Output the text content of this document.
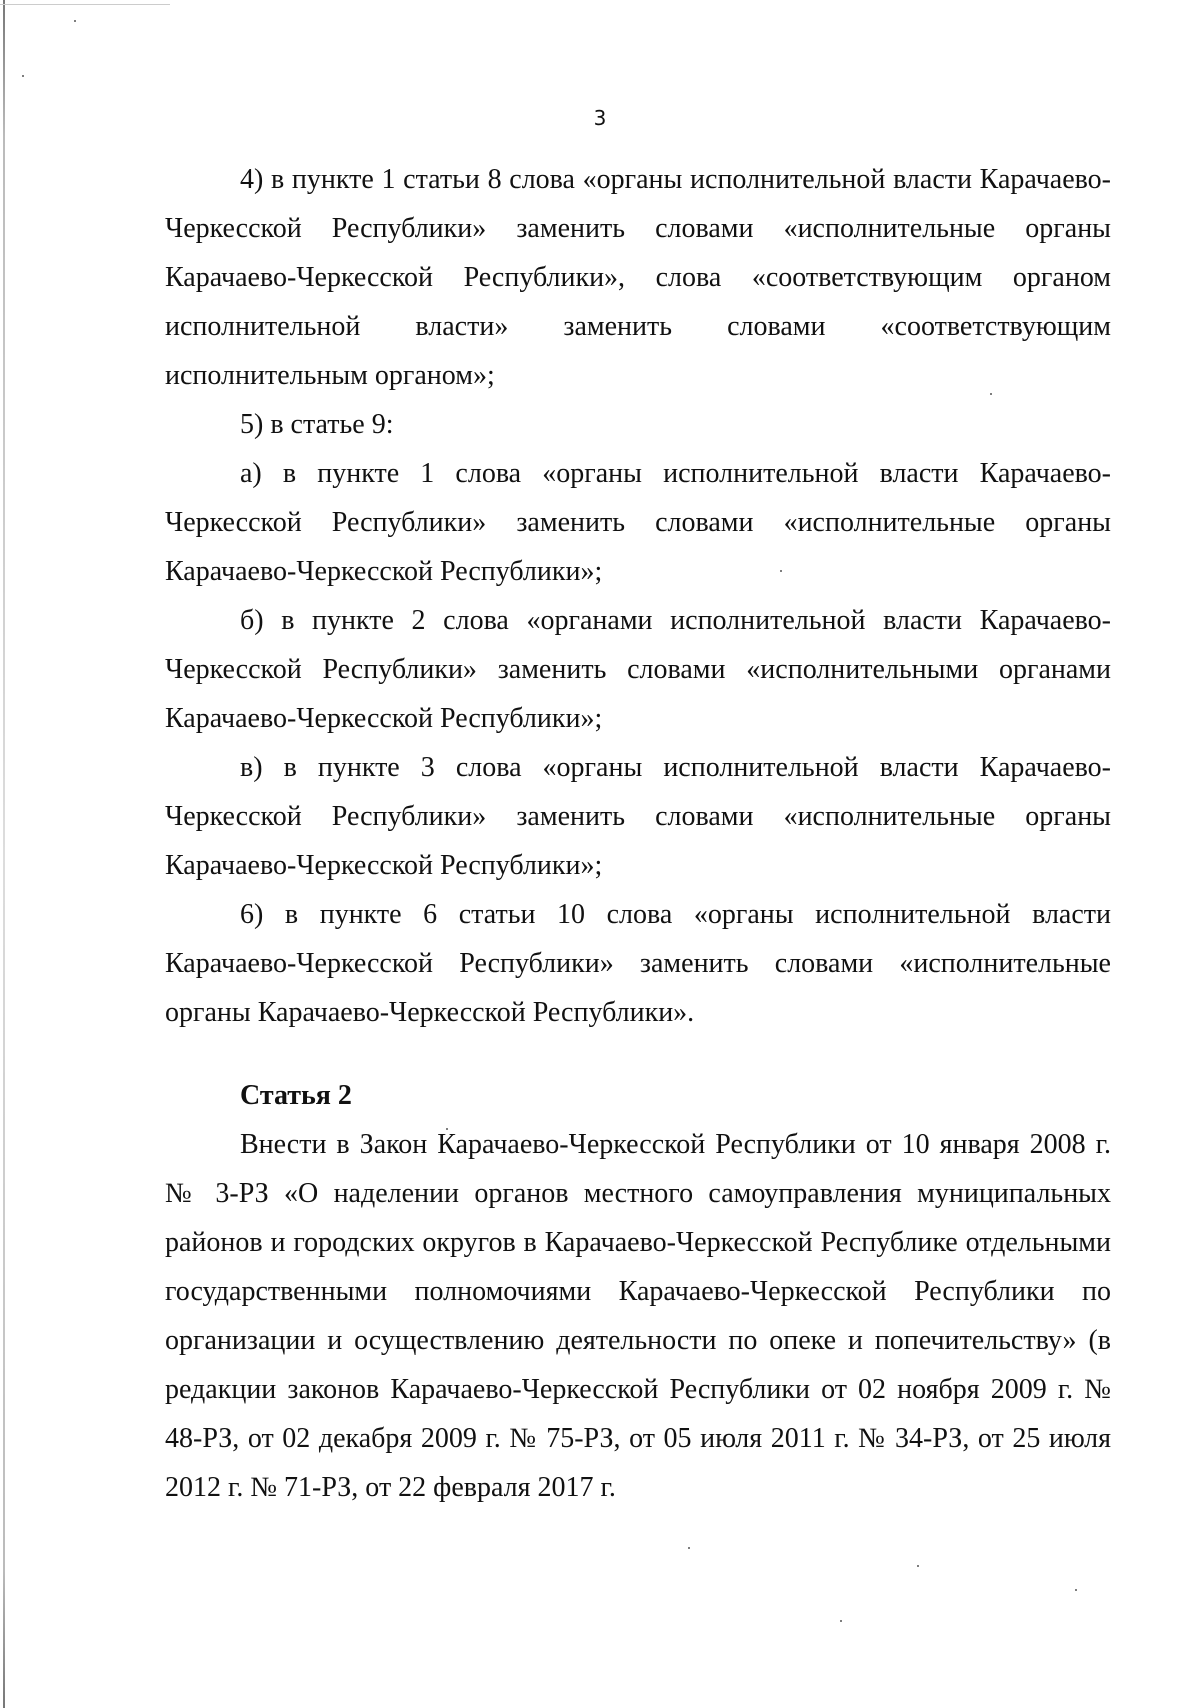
3

4) в пункте 1 статьи 8 слова «органы исполнительной власти Карачаево-Черкесской Республики» заменить словами «исполнительные органы Карачаево-Черкесской Республики», слова «соответствующим органом исполнительной власти» заменить словами «соответствующим исполнительным органом»;

5) в статье 9:

а) в пункте 1 слова «органы исполнительной власти Карачаево-Черкесской Республики» заменить словами «исполнительные органы Карачаево-Черкесской Республики»;

б) в пункте 2 слова «органами исполнительной власти Карачаево-Черкесской Республики» заменить словами «исполнительными органами Карачаево-Черкесской Республики»;

в) в пункте 3 слова «органы исполнительной власти Карачаево-Черкесской Республики» заменить словами «исполнительные органы Карачаево-Черкесской Республики»;

6) в пункте 6 статьи 10 слова «органы исполнительной власти Карачаево-Черкесской Республики» заменить словами «исполнительные органы Карачаево-Черкесской Республики».

Статья 2

Внести в Закон Карачаево-Черкесской Республики от 10 января 2008 г. № 3-РЗ «О наделении органов местного самоуправления муниципальных районов и городских округов в Карачаево-Черкесской Республике отдельными государственными полномочиями Карачаево-Черкесской Республики по организации и осуществлению деятельности по опеке и попечительству» (в редакции законов Карачаево-Черкесской Республики от 02 ноября 2009 г. № 48-РЗ, от 02 декабря 2009 г. № 75-РЗ, от 05 июля 2011 г. № 34-РЗ, от 25 июля 2012 г. № 71-РЗ, от 22 февраля 2017 г.
